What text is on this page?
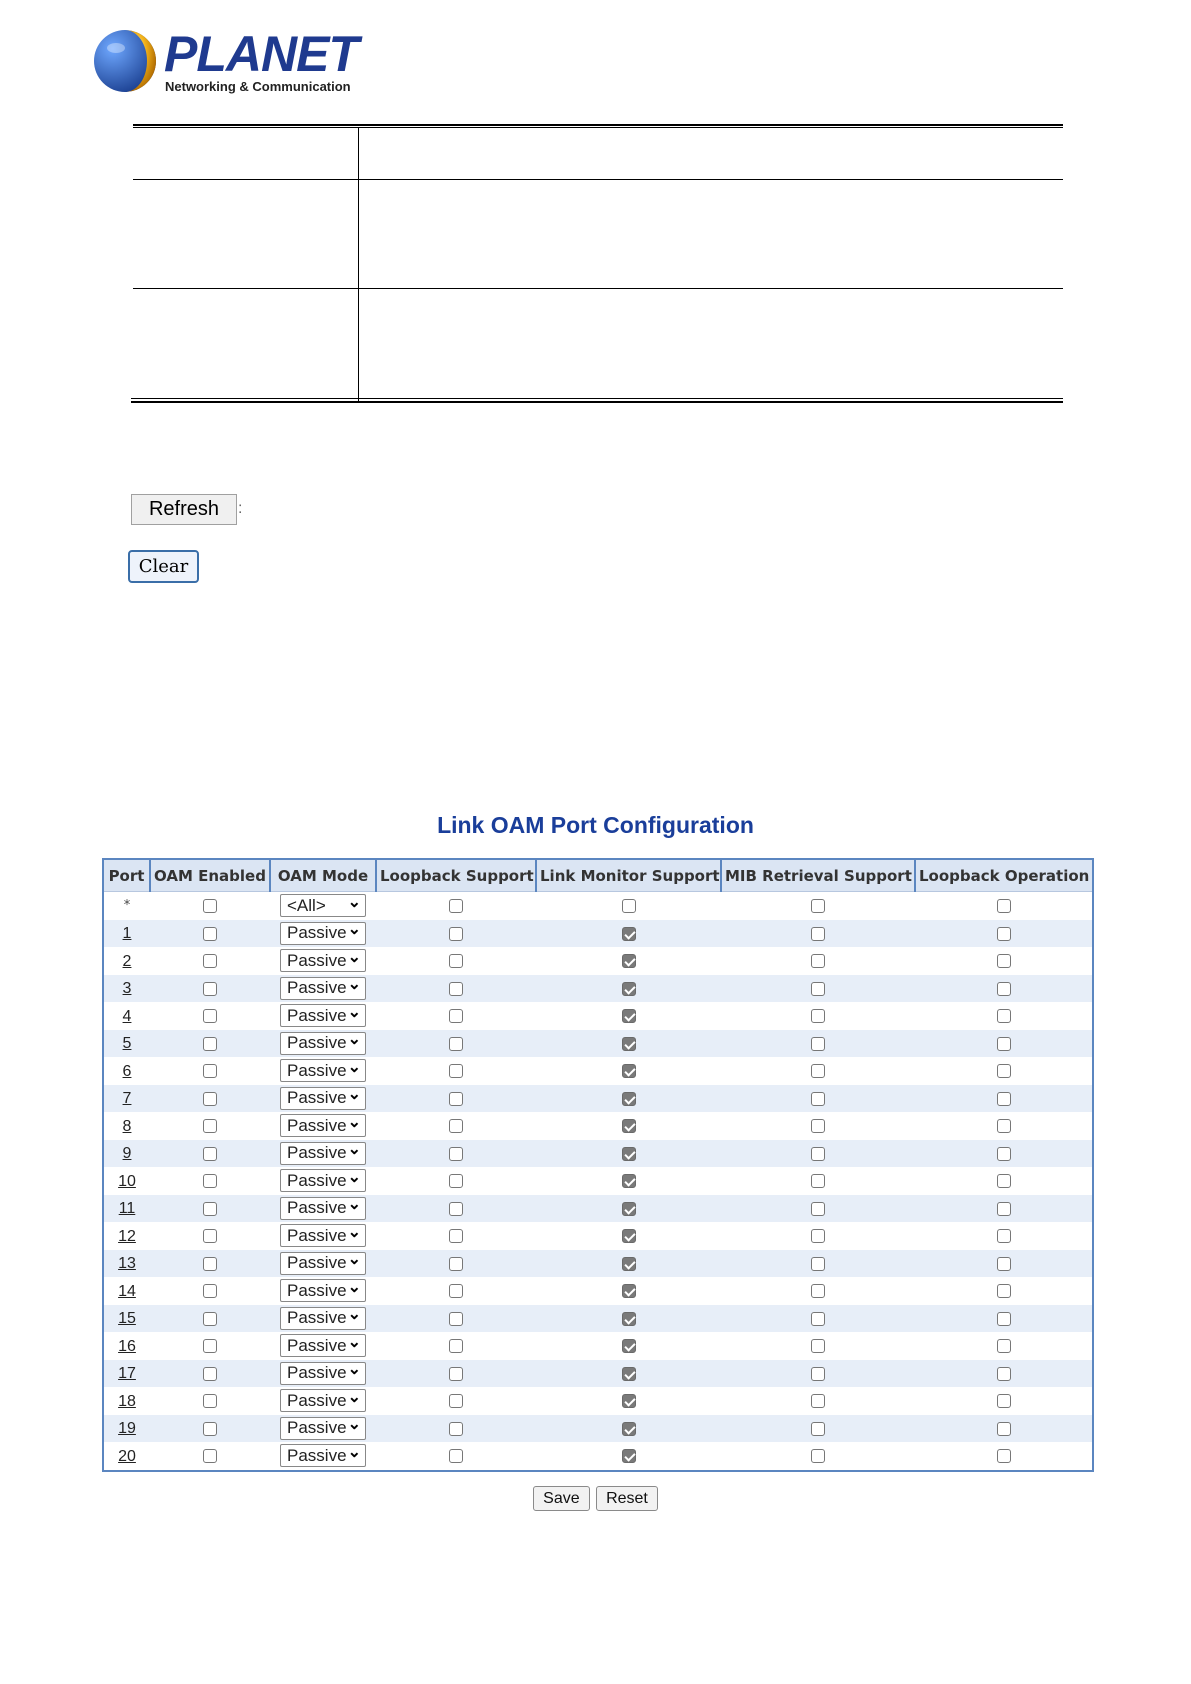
PLANET
Networking & Communication
Refresh	:
Clear
Link OAM Port Configuration
Port	OAM Enabled	OAM Mode	Loopback Support	Link Monitor Support	MIB Retrieval Support	Loopback Operation
*		<All> ⌄				

1		Passive ⌄				

2		Passive ⌄				

3		Passive ⌄				

4		Passive ⌄				

5		Passive ⌄				

6		Passive ⌄				

7		Passive ⌄				

8		Passive ⌄				

9		Passive ⌄				

10		Passive ⌄				

11		Passive ⌄				

12		Passive ⌄				

13		Passive ⌄				

14		Passive ⌄				

15		Passive ⌄				

16		Passive ⌄				

17		Passive ⌄				

18		Passive ⌄				

19		Passive ⌄				

20		Passive ⌄				

Save Reset
